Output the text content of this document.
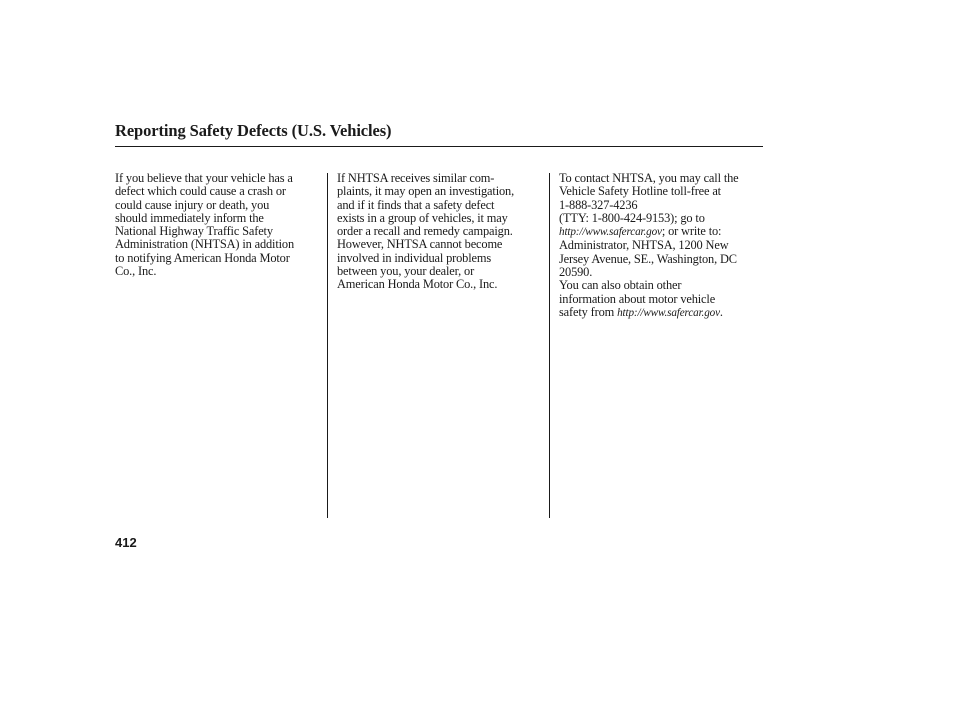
Reporting Safety Defects (U.S. Vehicles)
If you believe that your vehicle has a
defect which could cause a crash or
could cause injury or death, you
should immediately inform the
National Highway Traffic Safety
Administration (NHTSA) in addition
to notifying American Honda Motor
Co., Inc.
If NHTSA receives similar com-
plaints, it may open an investigation,
and if it finds that a safety defect
exists in a group of vehicles, it may
order a recall and remedy campaign.
However, NHTSA cannot become
involved in individual problems
between you, your dealer, or
American Honda Motor Co., Inc.
To contact NHTSA, you may call the
Vehicle Safety Hotline toll-free at
1-888-327-4236
(TTY: 1-800-424-9153); go to
http://www.safercar.gov; or write to:
Administrator, NHTSA, 1200 New
Jersey Avenue, SE., Washington, DC
20590.
You can also obtain other
information about motor vehicle
safety from http://www.safercar.gov.
412
